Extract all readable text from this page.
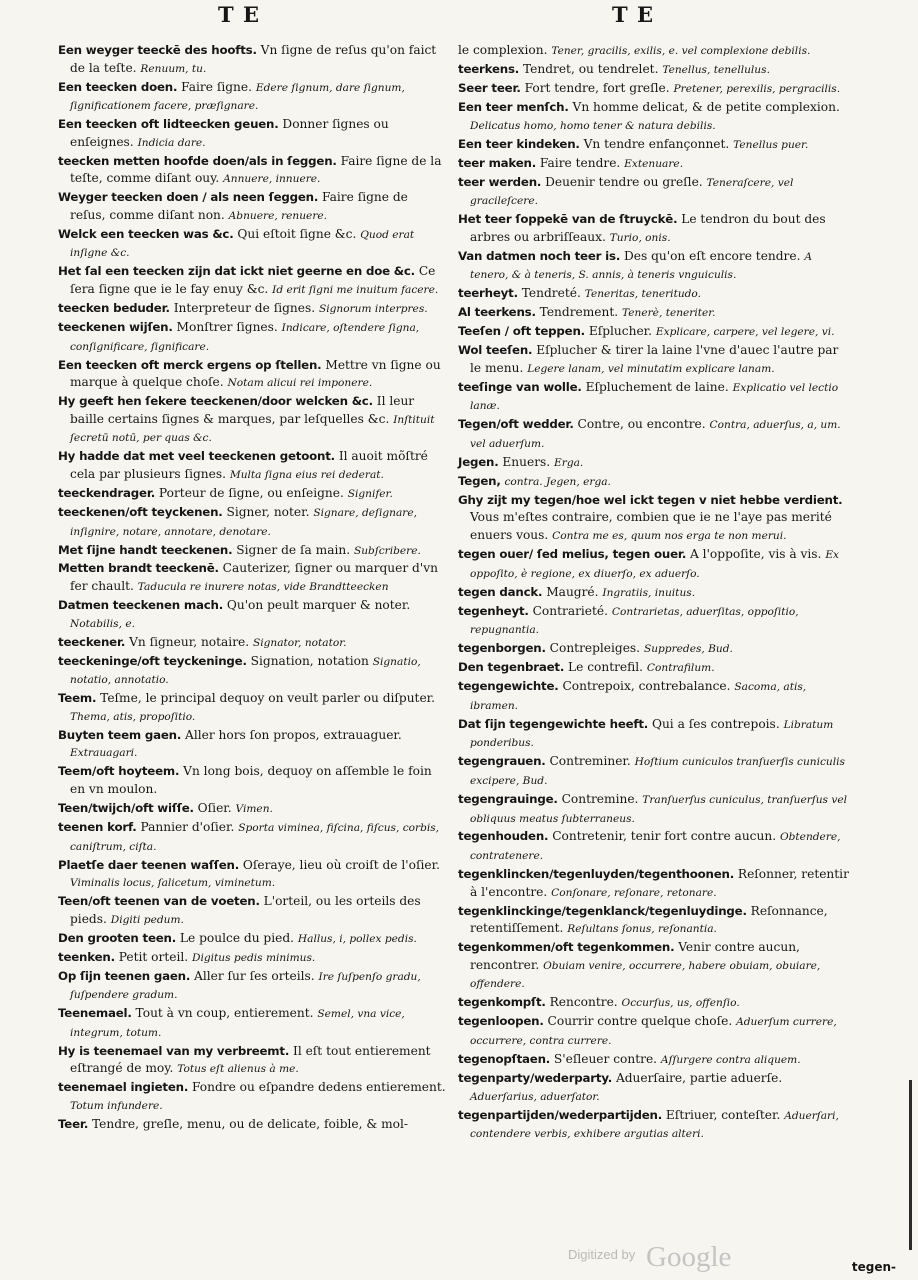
T E	T E
Een weyger teeckē des hoofts. Vn ſigne de reſus qu'on faict de la teſte. Renuum, tu.
Een teecken doen. Faire ſigne. Edere ſignum, dare ſignum, ſignificationem facere, præſignare.
Een teecken oft lidteecken geuen. Donner ſignes ou enſeignes. Indicia dare.
teecken metten hoofde doen/als in ſeggen. Faire ſigne de la teſte, comme diſant ouy. Annuere, innuere.
Weyger teecken doen / als neen ſeggen. Faire ſigne de reſus, comme diſant non. Abnuere, renuere.
Welck een teecken was &c. Qui eſtoit ſigne &c. Quod erat inſigne &c.
Het ſal een teecken zijn dat ickt niet geerne en doe &c. Ce ſera ſigne que ie le fay enuy &c. Id erit ſigni me inuitum facere.
teecken beduder. Interpreteur de ſignes. Signorum interpres.
teeckenen wijſen. Monſtrer ſignes. Indicare, oſtendere ſigna, conſignificare, ſignificare.
Een teecken oft merck ergens op ſtellen. Mettre vn ſigne ou marque à quelque choſe. Notam alicui rei imponere.
Hy geeft hen ſekere teeckenen/door welcken &c. Il leur baille certains ſignes & marques, par leſquelles &c. Inſtituit ſecretū notū, per quas &c.
Hy hadde dat met veel teeckenen getoont. Il auoit mõſtré cela par plusieurs ſignes. Multa ſigna eius rei dederat.
teeckendrager. Porteur de ſigne, ou enſeigne. Signifer.
teeckenen/oft teyckenen. Signer, noter. Signare, deſignare, inſignire, notare, annotare, denotare.
Met ſijne handt teeckenen. Signer de ſa main. Subſcribere.
Metten brandt teeckenē. Cauterizer, ſigner ou marquer d'vn fer chault. Taducula re inurere notas, vide Brandtteecken
Datmen teeckenen mach. Qu'on peult marquer & noter. Notabilis, e.
teeckener. Vn ſigneur, notaire. Signator, notator.
teeckeninge/oft teyckeninge. Signation, notation Signatio, notatio, annotatio.
Teem. Teſme, le principal dequoy on veult parler ou diſputer. Thema, atis, propoſitio.
Buyten teem gaen. Aller hors ſon propos, extrauaguer. Extrauagari.
Teem/oft hoyteem. Vn long bois, dequoy on aſſemble le foin en vn moulon.
Teen/twijch/oft wiſſe. Oſier. Vimen.
teenen korf. Pannier d'oſier. Sporta viminea, fiſcina, fiſcus, corbis, caniſtrum, ciſta.
Plaetſe daer teenen waſſen. Oſeraye, lieu où croiſt de l'oſier. Viminalis locus, ſalicetum, viminetum.
Teen/oft teenen van de voeten. L'orteil, ou les orteils des pieds. Digiti pedum.
Den grooten teen. Le poulce du pied. Hallus, i, pollex pedis.
teenken. Petit orteil. Digitus pedis minimus.
Op ſijn teenen gaen. Aller ſur ſes orteils. Ire ſuſpenſo gradu, ſuſpendere gradum.
Teenemael. Tout à vn coup, entierement. Semel, vna vice, integrum, totum.
Hy is teenemael van my verbreemt. Il eſt tout entierement eſtrangé de moy. Totus eſt alienus à me.
teenemael ingieten. Fondre ou eſpandre dedens entierement. Totum infundere.
Teer. Tendre, greſle, menu, ou de delicate, foible, & mol-
le complexion. Tener, gracilis, exilis, e. vel complexione debilis.
teerkens. Tendret, ou tendrelet. Tenellus, tenellulus.
Seer teer. Fort tendre, fort greſle. Pretener, perexilis, pergracilis.
Een teer menſch. Vn homme delicat, & de petite complexion. Delicatus homo, homo tener & natura debilis.
Een teer kindeken. Vn tendre enfançonnet. Tenellus puer.
teer maken. Faire tendre. Extenuare.
teer werden. Deuenir tendre ou greſle. Teneraſcere, vel gracileſcere.
Het teer ſoppekē van de ſtruyckē. Le tendron du bout des arbres ou arbriſſeaux. Turio, onis.
Van datmen noch teer is. Des qu'on eſt encore tendre. A tenero, & à teneris, S. annis, à teneris vnguiculis.
teerheyt. Tendreté. Teneritas, teneritudo.
Al teerkens. Tendrement. Tenerè, teneriter.
Teeſen / oft teppen. Eſplucher. Explicare, carpere, vel legere, vi.
Wol teeſen. Eſplucher & tirer la laine l'vne d'auec l'autre par le menu. Legere lanam, vel minutatim explicare lanam.
teeſinge van wolle. Eſpluchement de laine. Explicatio vel lectio lanæ.
Tegen/oft wedder. Contre, ou encontre. Contra, aduerſus, a, um. vel aduerſum.
Jegen. Enuers. Erga.
Tegen, contra. Jegen, erga.
Ghy zijt my tegen/hoe wel ickt tegen v niet hebbe verdient. Vous m'eſtes contraire, combien que ie ne l'aye pas merité enuers vous. Contra me es, quum nos erga te non merui.
tegen ouer/ ſed melius, tegen ouer. A l'oppoſite, vis à vis. Ex oppoſito, è regione, ex diuerſo, ex aduerſo.
tegen danck. Maugré. Ingratiis, inuitus.
tegenheyt. Contrarieté. Contrarietas, aduerſitas, oppoſitio, repugnantia.
tegenborgen. Contrepleiges. Suppredes, Bud.
Den tegenbraet. Le contrefil. Contrafilum.
tegengewichte. Contrepoix, contrebalance. Sacoma, atis, ibramen.
Dat ſijn tegengewichte heeft. Qui a ſes contrepois. Libratum ponderibus.
tegengrauen. Contreminer. Hoſtium cuniculos tranſuerſis cuniculis excipere, Bud.
tegengrauinge. Contremine. Tranſuerſus cuniculus, tranſuerſus vel obliquus meatus ſubterraneus.
tegenhouden. Contretenir, tenir fort contre aucun. Obtendere, contratenere.
tegenklincken/tegenluyden/tegenthoonen. Reſonner, retentir à l'encontre. Conſonare, reſonare, retonare.
tegenklinckinge/tegenklanck/tegenluydinge. Reſonnance, retentiſſement. Reſultans ſonus, reſonantia.
tegenkommen/oft tegenkommen. Venir contre aucun, rencontrer. Obuiam venire, occurrere, habere obuiam, obuiare, offendere.
tegenkompſt. Rencontre. Occurſus, us, offenſio.
tegenloopen. Courrir contre quelque choſe. Aduerſum currere, occurrere, contra currere.
tegenopſtaen. S'eſleuer contre. Aſſurgere contra aliquem.
tegenparty/wederparty. Aduerſaire, partie aduerſe. Aduerſarius, aduerſator.
tegenpartijden/wederpartijden. Eſtriuer, conteſter. Aduerſari, contendere verbis, exhibere argutias alteri.
Digitized by Google	tegen-
